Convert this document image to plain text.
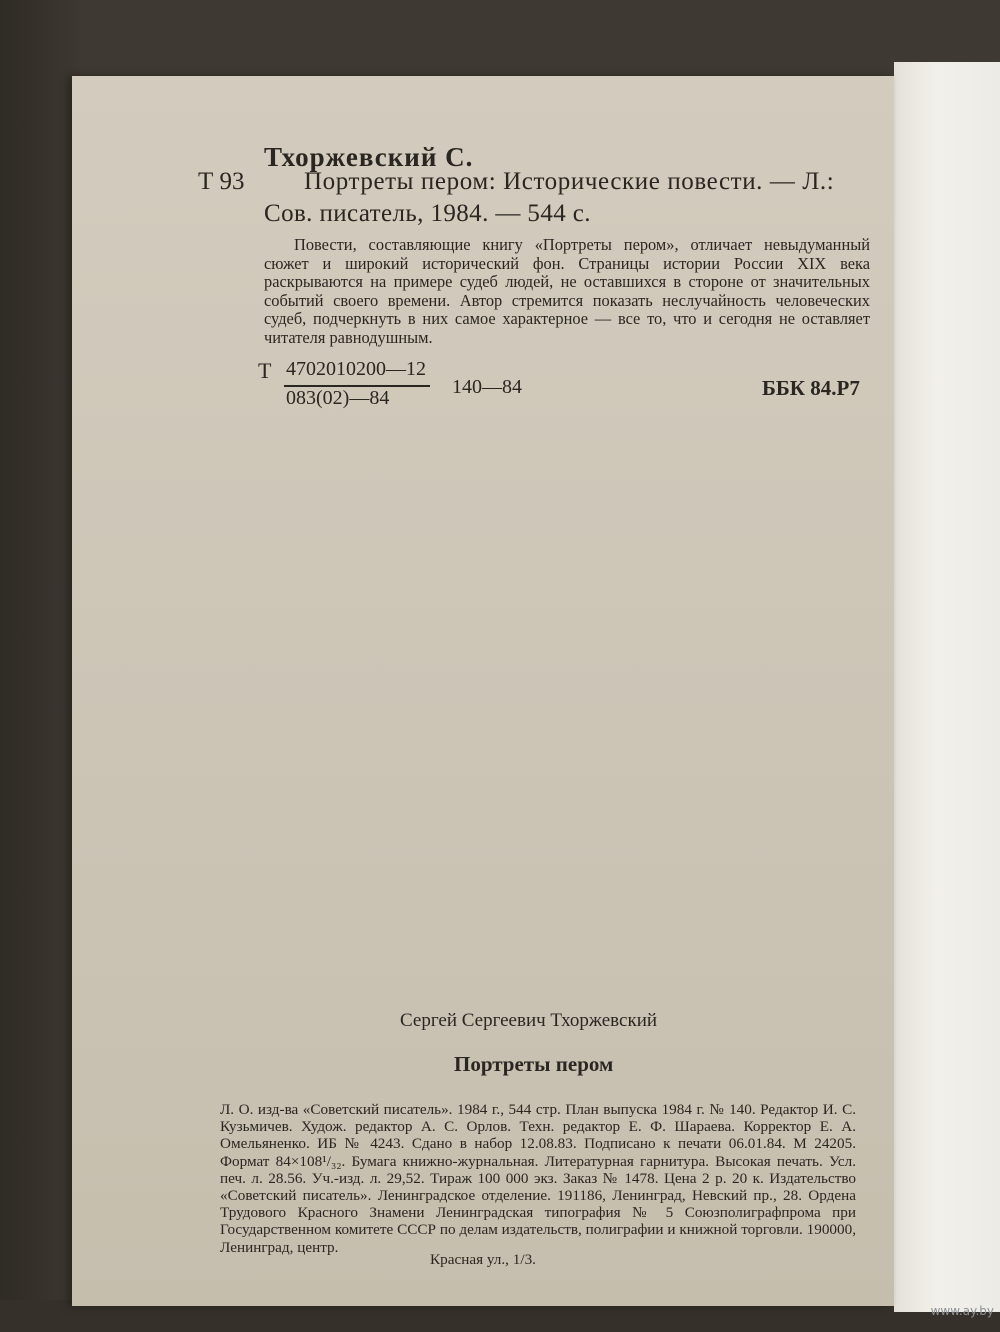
Тхоржевский С.
Т 93 Портреты пером: Исторические повести. — Л.:
Сов. писатель, 1984. — 544 с.
Повести, составляющие книгу «Портреты пером», отличает невыдуманный сюжет и широкий исторический фон. Страницы истории России XIX века раскрываются на примере судеб людей, не оставшихся в стороне от значительных событий своего времени. Автор стремится показать неслучайность человеческих судеб, подчеркнуть в них самое характерное — все то, что и сегодня не оставляет читателя равнодушным.
Т 4702010200—12
083(02)—84	140—84	ББК 84.Р7
Сергей Сергеевич Тхоржевский
Портреты пером
Л. О. изд-ва «Советский писатель». 1984 г., 544 стр. План выпуска 1984 г. № 140. Редактор И. С. Кузьмичев. Худож. редактор А. С. Орлов. Техн. редактор Е. Ф. Шараева. Корректор Е. А. Омельяненко. ИБ № 4243. Сдано в набор 12.08.83. Подписано к печати 06.01.84. М 24205. Формат 84×108¹/₃₂. Бумага книжно-журнальная. Литературная гарнитура. Высокая печать. Усл. печ. л. 28.56. Уч.-изд. л. 29,52. Тираж 100 000 экз. Заказ № 1478. Цена 2 р. 20 к. Издательство «Советский писатель». Ленинградское отделение. 191186, Ленинград, Невский пр., 28. Ордена Трудового Красного Знамени Ленинградская типография № 5 Союзполиграфпрома при Государственном комитете СССР по делам издательств, полиграфии и книжной торговли. 190000, Ленинград, центр.
Красная ул., 1/3.
www.ay.by
